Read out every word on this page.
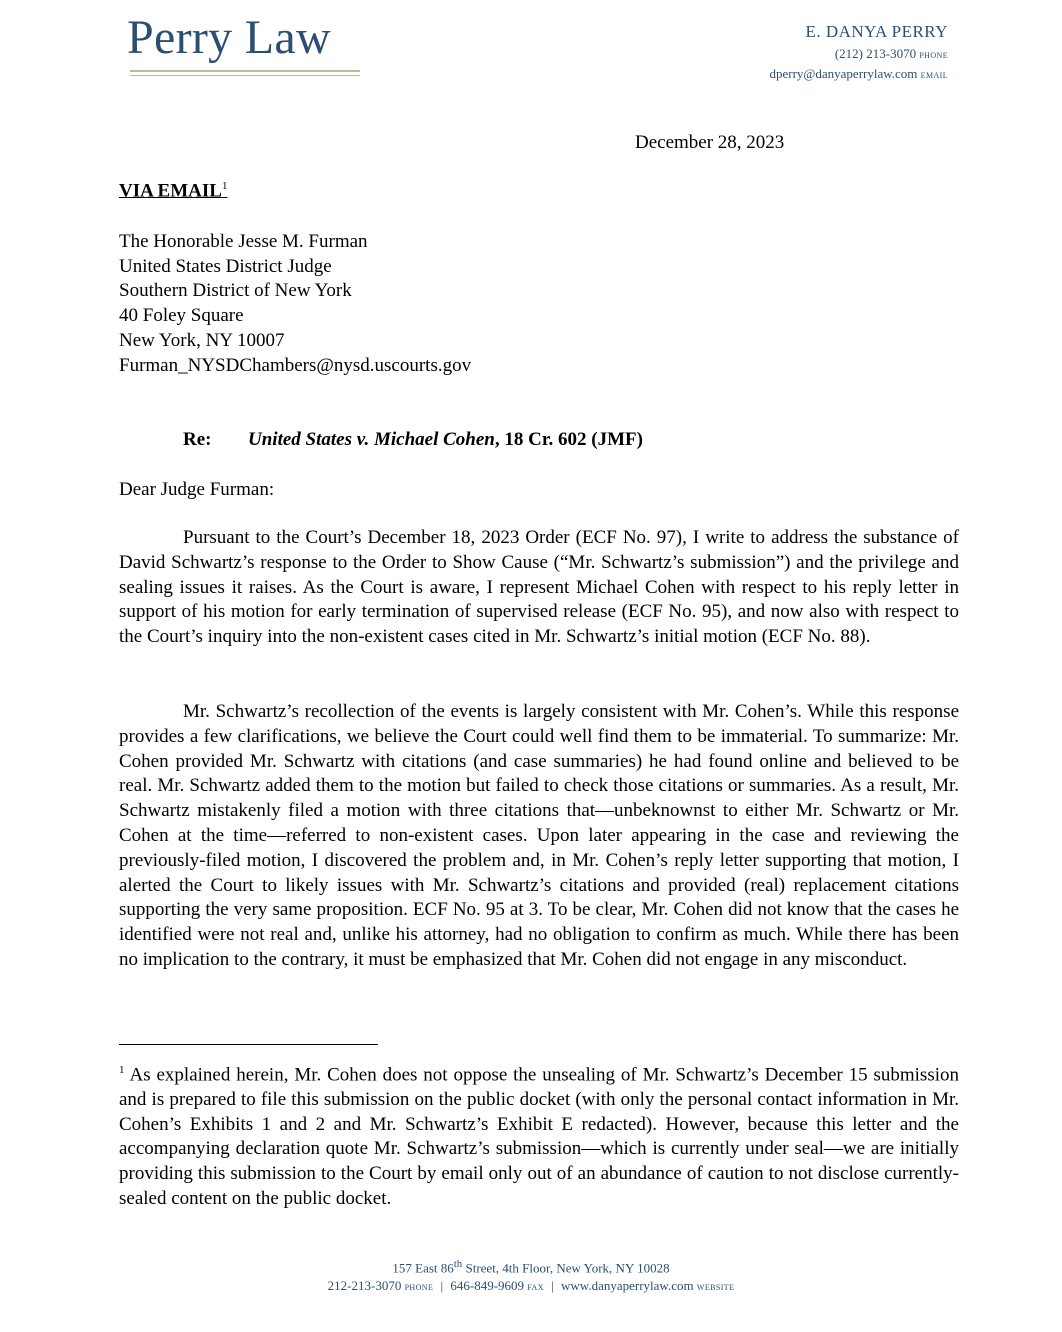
Perry Law	E. DANYA PERRY
(212) 213-3070 PHONE
dperry@danyaperrylaw.com EMAIL
December 28, 2023
VIA EMAIL$^1$
The Honorable Jesse M. Furman
United States District Judge
Southern District of New York
40 Foley Square
New York, NY 10007
Furman_NYSDChambers@nysd.uscourts.gov
Re: United States v. Michael Cohen, 18 Cr. 602 (JMF)
Dear Judge Furman:

Pursuant to the Court’s December 18, 2023 Order (ECF No. 97), I write to address the substance of David Schwartz’s response to the Order to Show Cause (“Mr. Schwartz’s submission”) and the privilege and sealing issues it raises. As the Court is aware, I represent Michael Cohen with respect to his reply letter in support of his motion for early termination of supervised release (ECF No. 95), and now also with respect to the Court’s inquiry into the non-existent cases cited in Mr. Schwartz’s initial motion (ECF No. 88).

Mr. Schwartz’s recollection of the events is largely consistent with Mr. Cohen’s. While this response provides a few clarifications, we believe the Court could well find them to be immaterial. To summarize: Mr. Cohen provided Mr. Schwartz with citations (and case summaries) he had found online and believed to be real. Mr. Schwartz added them to the motion but failed to check those citations or summaries. As a result, Mr. Schwartz mistakenly filed a motion with three citations that—unbeknownst to either Mr. Schwartz or Mr. Cohen at the time—referred to non-existent cases. Upon later appearing in the case and reviewing the previously-filed motion, I discovered the problem and, in Mr. Cohen’s reply letter supporting that motion, I alerted the Court to likely issues with Mr. Schwartz’s citations and provided (real) replacement citations supporting the very same proposition. ECF No. 95 at 3. To be clear, Mr. Cohen did not know that the cases he identified were not real and, unlike his attorney, had no obligation to confirm as much. While there has been no implication to the contrary, it must be emphasized that Mr. Cohen did not engage in any misconduct.

$^1$ As explained herein, Mr. Cohen does not oppose the unsealing of Mr. Schwartz’s December 15 submission and is prepared to file this submission on the public docket (with only the personal contact information in Mr. Cohen’s Exhibits 1 and 2 and Mr. Schwartz’s Exhibit E redacted). However, because this letter and the accompanying declaration quote Mr. Schwartz’s submission—which is currently under seal—we are initially providing this submission to the Court by email only out of an abundance of caution to not disclose currently-sealed content on the public docket.

157 East 86th Street, 4th Floor, New York, NY 10028
212-213-3070 PHONE | 646-849-9609 FAX | www.danyaperrylaw.com WEBSITE
